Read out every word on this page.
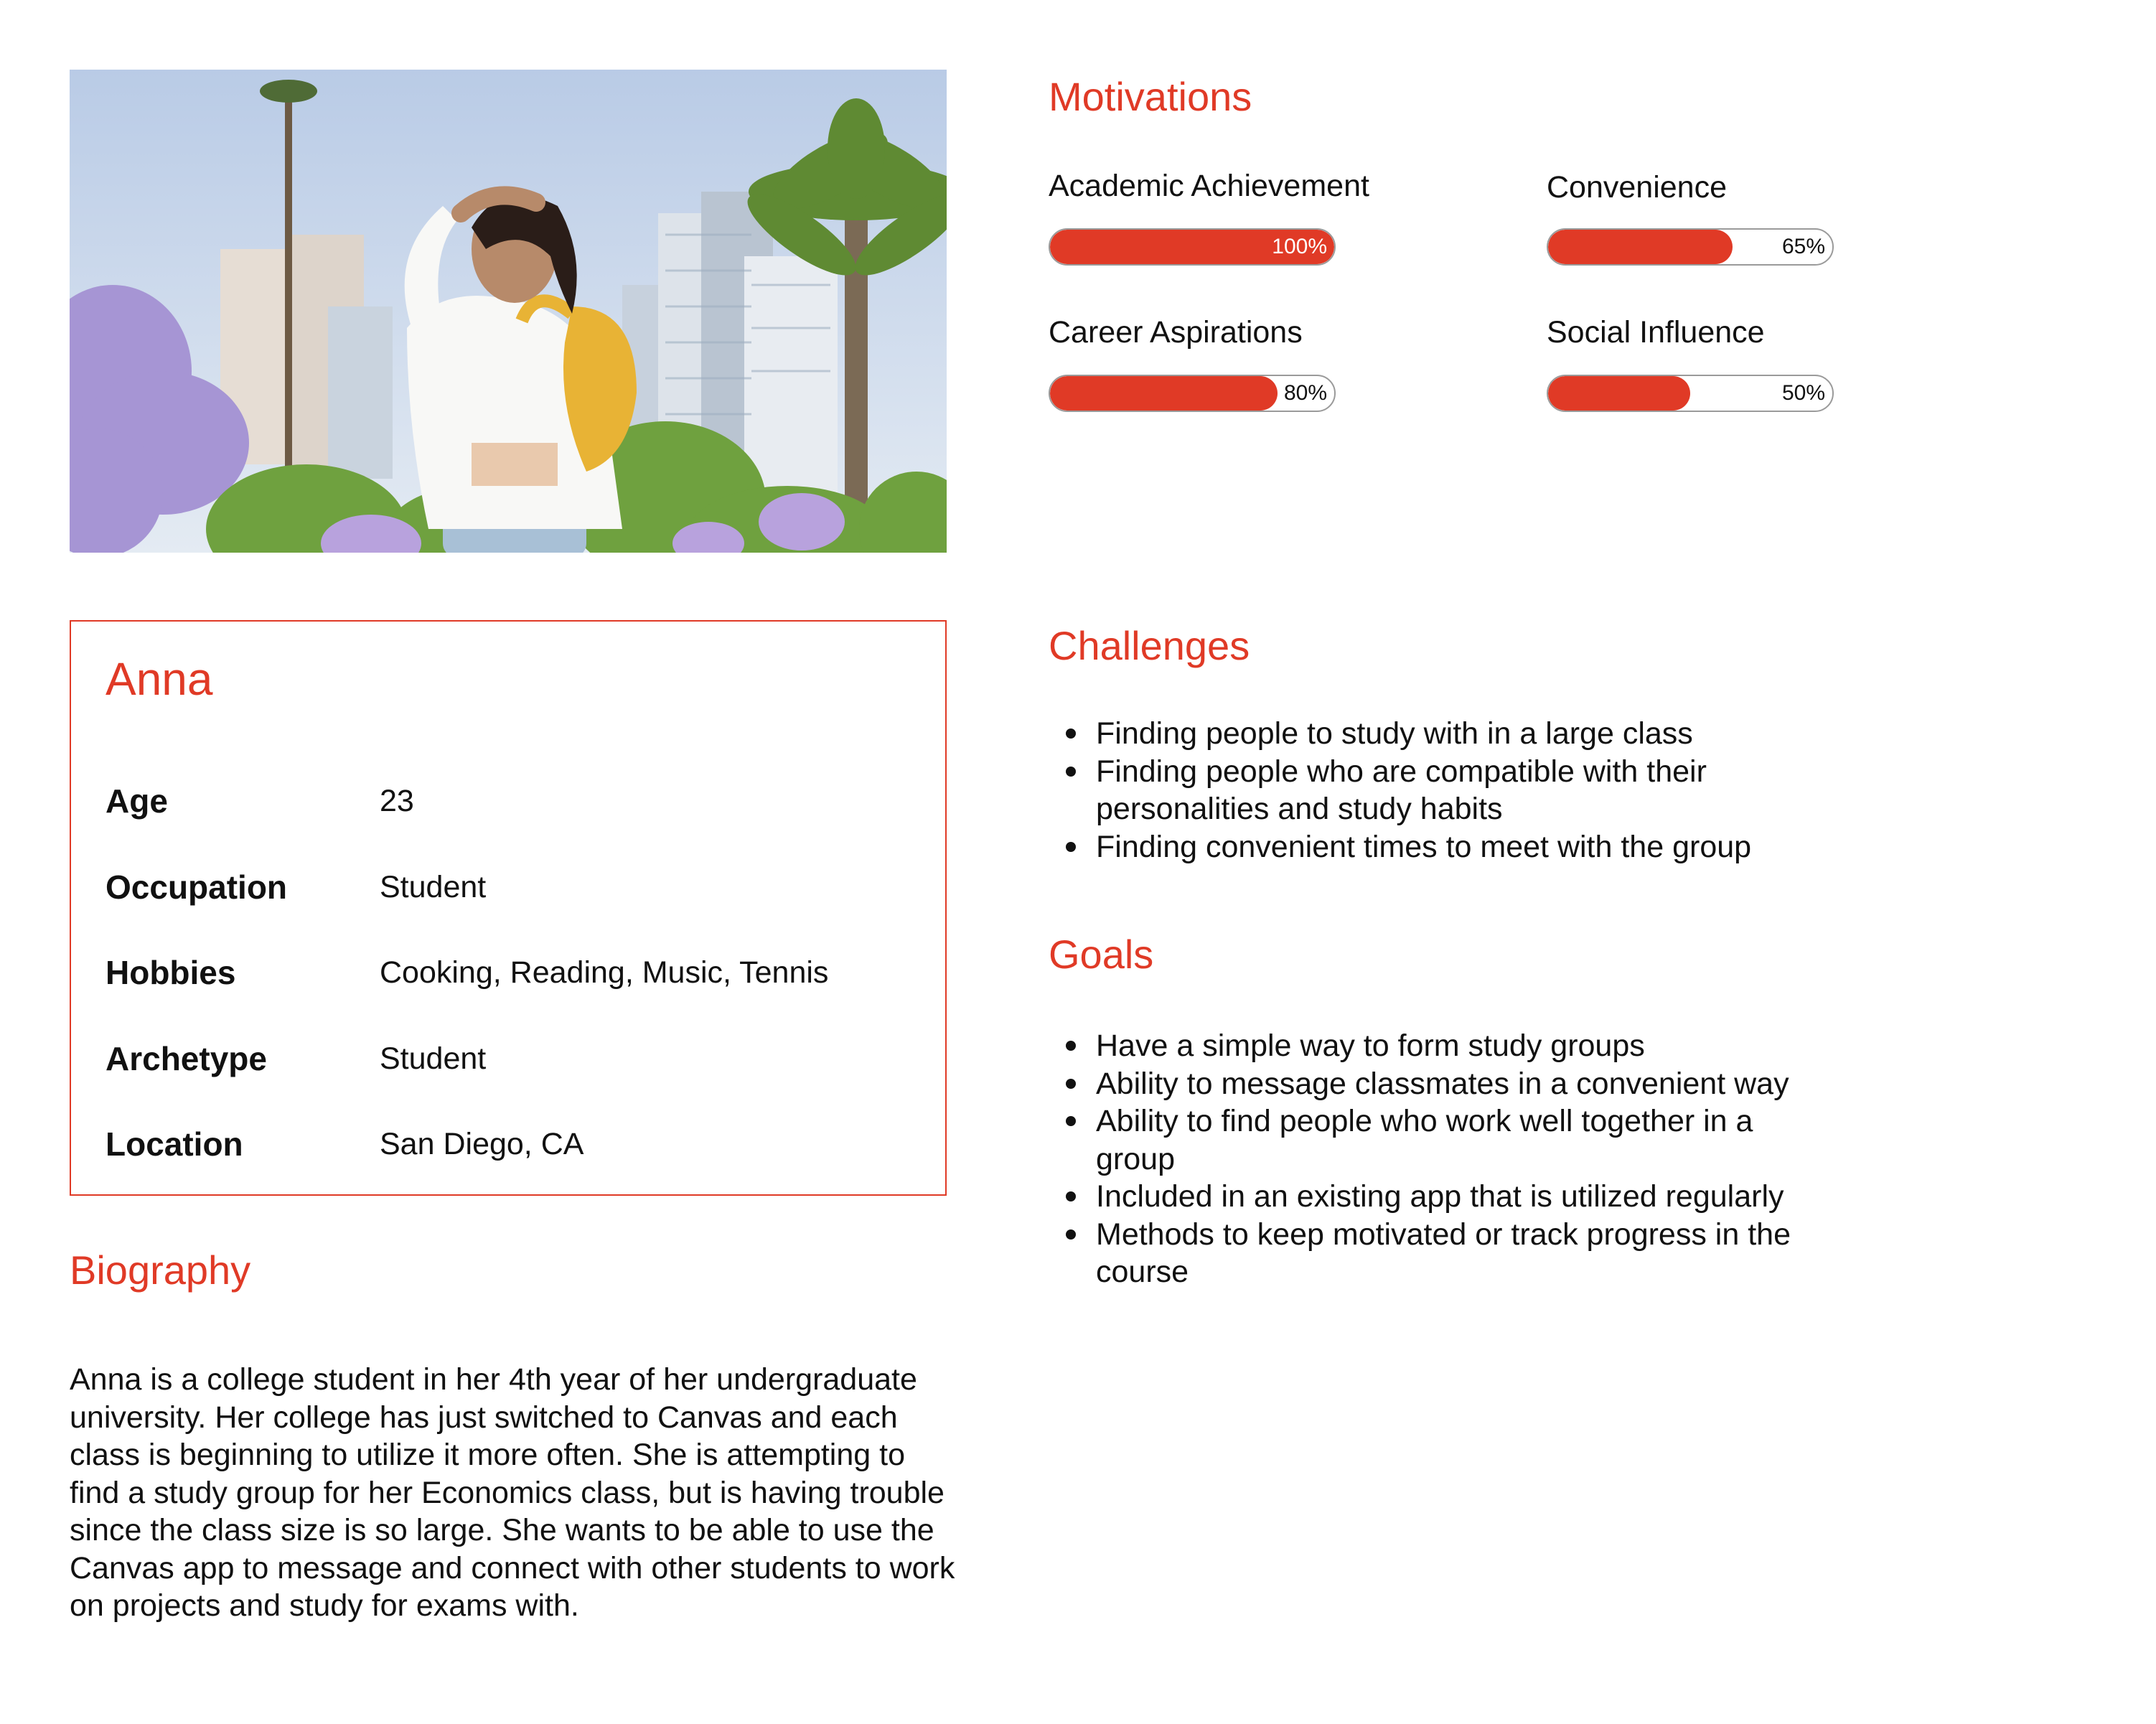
Anna
Age	23
Occupation	Student
Hobbies	Cooking, Reading, Music, Tennis
Archetype	Student
Location	San Diego, CA
Biography
Anna is a college student in her 4th year of her undergraduate university. Her college has just switched to Canvas and each class is beginning to utilize it more often. She is attempting to find a study group for her Economics class, but is having trouble since the class size is so large. She wants to be able to use the Canvas app to message and connect with other students to work on projects and study for exams with.
Motivations
Academic Achievement
100%
Convenience
65%
Career Aspirations
80%
Social Influence
50%
Challenges
Finding people to study with in a large class
Finding people who are compatible with their personalities and study habits
Finding convenient times to meet with the group
Goals
Have a simple way to form study groups
Ability to message classmates in a convenient way
Ability to find people who work well together in a group
Included in an existing app that is utilized regularly
Methods to keep motivated or track progress in the course
